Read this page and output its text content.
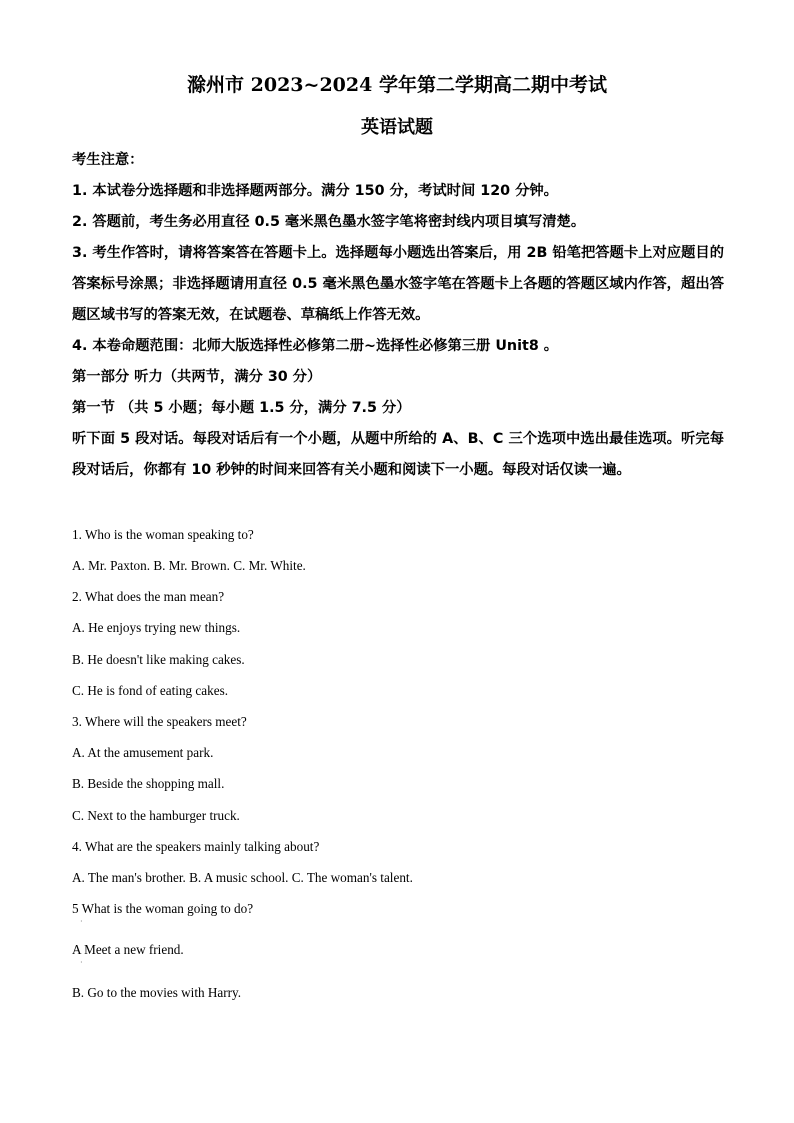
滁州市 2023~2024 学年第二学期高二期中考试
英语试题
考生注意：
1. 本试卷分选择题和非选择题两部分。满分 150 分，考试时间 120 分钟。
2. 答题前，考生务必用直径 0.5 毫米黑色墨水签字笔将密封线内项目填写清楚。
3. 考生作答时，请将答案答在答题卡上。选择题每小题选出答案后，用 2B 铅笔把答题卡上对应题目的答案标号涂黑；非选择题请用直径 0.5 毫米黑色墨水签字笔在答题卡上各题的答题区域内作答，超出答题区域书写的答案无效，在试题卷、草稿纸上作答无效。
4. 本卷命题范围：北师大版选择性必修第二册~选择性必修第三册 Unit8 。
第一部分 听力（共两节，满分 30 分）
第一节 （共 5 小题；每小题 1.5 分，满分 7.5 分）
听下面 5 段对话。每段对话后有一个小题，从题中所给的 A、B、C 三个选项中选出最佳选项。听完每段对话后，你都有 10 秒钟的时间来回答有关小题和阅读下一小题。每段对话仅读一遍。
1. Who is the woman speaking to?
A. Mr. Paxton. B. Mr. Brown. C. Mr. White.
2. What does the man mean?
A. He enjoys trying new things.
B. He doesn't like making cakes.
C. He is fond of eating cakes.
3. Where will the speakers meet?
A. At the amusement park.
B. Beside the shopping mall.
C. Next to the hamburger truck.
4. What are the speakers mainly talking about?
A. The man's brother. B. A music school. C. The woman's talent.
5 What is the woman going to do?
·
A Meet a new friend.
·
B. Go to the movies with Harry.
